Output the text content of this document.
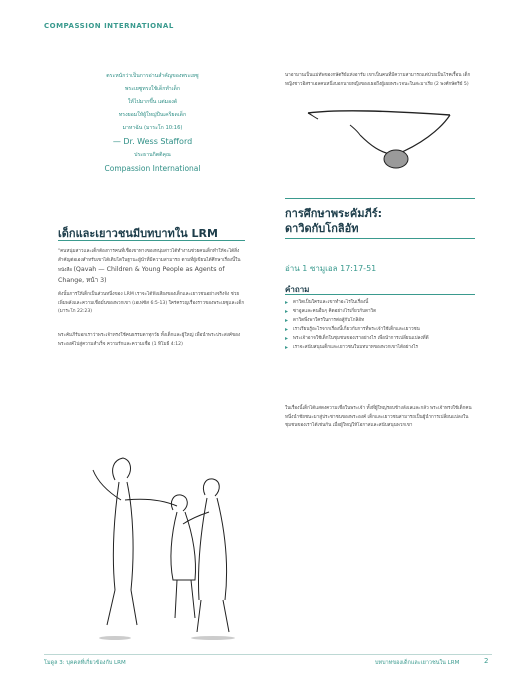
COMPASSION INTERNATIONAL
ตระหนักว่าเป็นการอ่านสำคัญของพระเยซู
พระเยซูทรงใช้เด็กทำเด็ก
ให้ไปมากขึ้น แต่มองด้
ทรงยอมให้ผู้ใหญ่ปีนเครียดเด็ก
มาหาฉัน (มาระโก 10:16)
— Dr. Wess Stafford
ประธานกิตติคุณ
Compassion International
เด็กและเยาวชนมีบทบาทใน LRM
"คนหนุ่มสาวและเด็กต้องการคนที่เชื่อเขาทางของหนุ่มสาวได้ทำงานช่วยคนเด็กทำให้จะได้สิ่งสำคัญต่อเองสำหรับเขาได้เติบโตในฐานะผู้นำที่มีความสามารถ ตามที่ผู้เขียนได้ศึกษาเรื่องนี้ในหนังสือ (Qavah — Children & Young People as Agents of Change, หน้า 3)
ดังนั้นการให้เด็กเป็นส่วนหนึ่งของ LRM เราจะได้ฟังเสียงของเด็กและเยาวชนอย่างจริงจัง ช่วยเพิ่มพลังและความเชื่อมั่นของพวกเขา (เอเฟซัส 6:5-13) ใคร่ครวญเรื่องราวของพระเยซูและเด็ก (มาระโก 22:23)
พระคัมภีร์บอกเราว่าพระเจ้าทรงใช้คนธรรมดาทุกวัย ทั้งเด็กและผู้ใหญ่ เพื่อนำพระประสงค์ของพระองค์ไปสู่ความสำเร็จ ความรักและความเชื่อ (1 ทิโมธี 4:12)
นาอามานเป็นแม่ทัพของกษัตริย์แห่งอารัม เขาเป็นคนที่มีความสามารถแต่ป่วยเป็นโรคเรื้อน เด็กหญิงชาวอิสราเอลคนหนึ่งบอกนายหญิงของเธอถึงผู้เผยพระวจนะในสะมาเรีย (2 พงศ์กษัตริย์ 5)
การศึกษาพระคัมภีร์:
ดาวิดกับโกลิอัท
อ่าน 1 ซามูเอล 17:17-51
คำถาม
▸ ดาวิดเป็นใครและเขาทำอะไรในเรื่องนี้
▸ ซาอูลและคนอื่นๆ คิดอย่างไรเกี่ยวกับดาวิด
▸ ดาวิดพึ่งพาใครในการต่อสู้กับโกลิอัท
▸ เราเรียนรู้อะไรจากเรื่องนี้เกี่ยวกับการที่พระเจ้าใช้เด็กและเยาวชน
▸ พระเจ้าอาจใช้เด็กในชุมชนของเราอย่างไร เพื่อนำการเปลี่ยนแปลงที่ดี
▸ เราจะสนับสนุนเด็กและเยาวชนในบทบาทของพวกเขาได้อย่างไร
ในเรื่องนี้เด็กได้แสดงความเชื่อในพระเจ้า ทั้งที่ผู้ใหญ่รอบข้างลังเลและกลัว พระเจ้าทรงใช้เด็กคนหนึ่งนำชัยชนะมาสู่ประชาชนของพระองค์ เด็กและเยาวชนสามารถเป็นผู้นำการเปลี่ยนแปลงในชุมชนของเราได้เช่นกัน เมื่อผู้ใหญ่ให้โอกาสและสนับสนุนพวกเขา
โมดูล 3: บุคคลที่เกี่ยวข้องกับ LRM	บทบาทของเด็กและเยาวชนใน LRM	2
